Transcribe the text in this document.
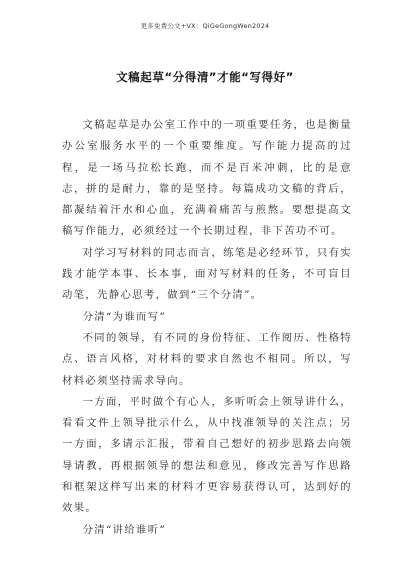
更多免费公文+VX：QiGeGongWen2024
文稿起草“分得清”才能“写得好”

文稿起草是办公室工作中的一项重要任务，也是衡量办公室服务水平的一个重要维度。写作能力提高的过程，是一场马拉松长跑，而不是百米冲刺，比的是意志，拼的是耐力，靠的是坚持。每篇成功文稿的背后，都凝结着汗水和心血，充满着痛苦与煎熬。要想提高文稿写作能力，必须经过一个长期过程，非下苦功不可。

对学习写材料的同志而言，练笔是必经环节，只有实践才能学本事、长本事，面对写材料的任务，不可盲目动笔，先静心思考，做到“三个分清”。

分清“为谁而写”

不同的领导，有不同的身份特征、工作阅历、性格特点、语言风格，对材料的要求自然也不相同。所以，写材料必须坚持需求导向。

一方面，平时做个有心人，多听听会上领导讲什么，看看文件上领导批示什么，从中找准领导的关注点；另一方面，多请示汇报，带着自己想好的初步思路去向领导请教，再根据领导的想法和意见，修改完善写作思路和框架这样写出来的材料才更容易获得认可，达到好的效果。

分清“讲给谁听”
